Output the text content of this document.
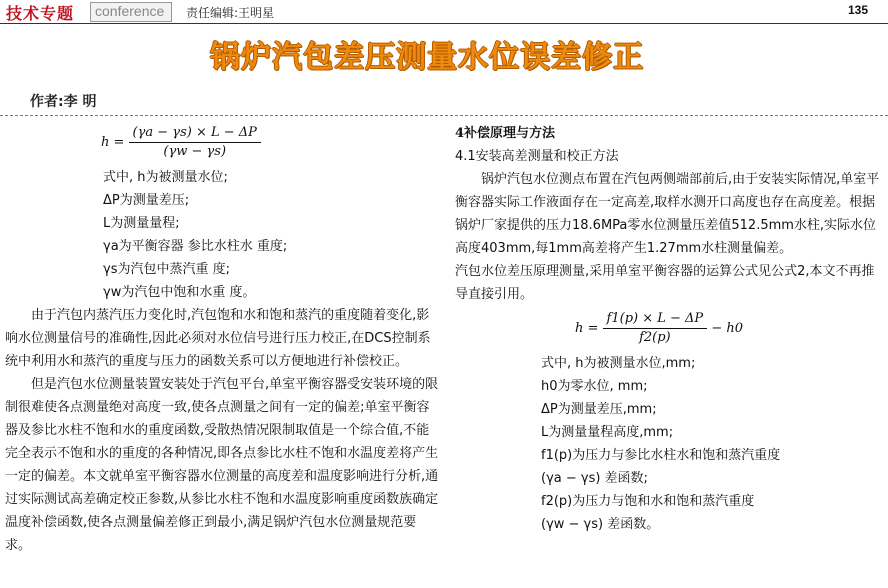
技术专题 conference 责任编辑:王明星	135
锅炉汽包差压测量水位误差修正
作者:李 明
$h = \frac{(\gamma a - \gamma s) \times L - \Delta P}{(\gamma w - \gamma s)}$

式中, h为被测量水位;

ΔP为测量差压;

L为测量量程;

γa为平衡容器 参比水柱水 重度;

γs为汽包中蒸汽重 度;

γw为汽包中饱和水重 度。

由于汽包内蒸汽压力变化时,汽包饱和水和饱和蒸汽的重度随着变化,影响水位测量信号的准确性,因此必须对水位信号进行压力校正,在DCS控制系统中利用水和蒸汽的重度与压力的函数关系可以方便地进行补偿校正。

但是汽包水位测量装置安装处于汽包平台,单室平衡容器受安装环境的限制很难使各点测量绝对高度一致,使各点测量之间有一定的偏差;单室平衡容器及参比水柱不饱和水的重度函数,受散热情况限制取值是一个综合值,不能完全表示不饱和水的重度的各种情况,即各点参比水柱不饱和水温度差将产生一定的偏差。本文就单室平衡容器水位测量的高度差和温度影响进行分析,通过实际测试高差确定校正参数,从参比水柱不饱和水温度影响重度函数族确定温度补偿函数,使各点测量偏差修正到最小,满足锅炉汽包水位测量规范要求。

4补偿原理与方法

4.1安装高差测量和校正方法

锅炉汽包水位测点布置在汽包两侧端部前后,由于安装实际情况,单室平衡容器实际工作液面存在一定高差,取样水测开口高度也存在高度差。根据锅炉厂家提供的压力18.6MPa零水位测量压差值512.5mm水柱,实际水位高度403mm,每1mm高差将产生1.27mm水柱测量偏差。

汽包水位差压原理测量,采用单室平衡容器的运算公式见公式2,本文不再推导直接引用。

$h = \frac{f1(p) \times L - \Delta P}{f2(p)} - h0$

式中, h为被测量水位,mm;

h0为零水位, mm;

ΔP为测量差压,mm;

L为测量量程高度,mm;

f1(p)为压力与参比水柱水和饱和蒸汽重度

(γa − γs) 差函数;

f2(p)为压力与饱和水和饱和蒸汽重度

(γw − γs) 差函数。
